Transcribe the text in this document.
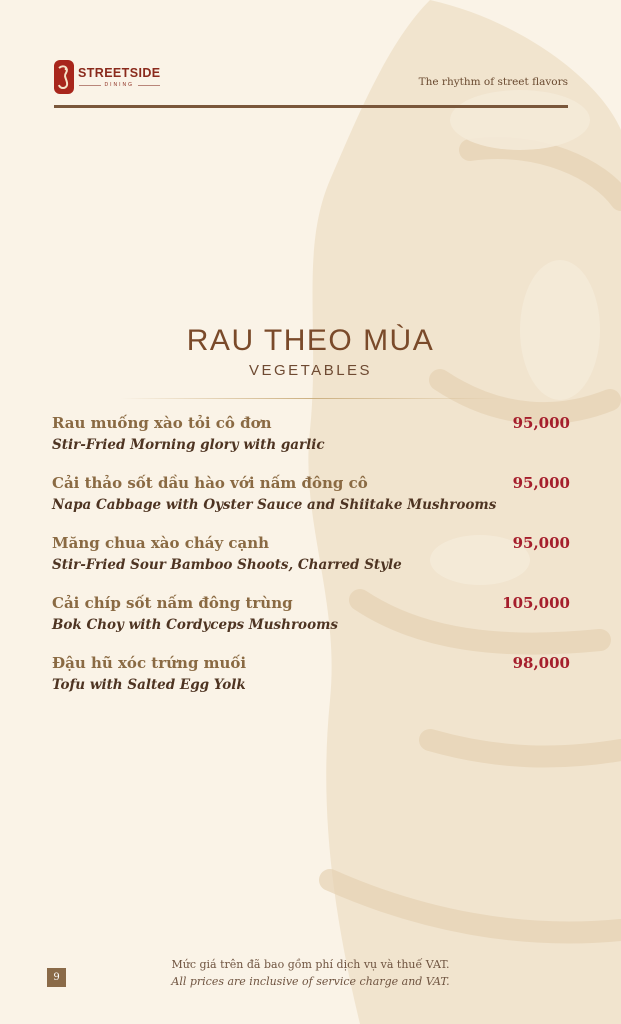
STREETSIDE
DINING	The rhythm of street flavors
RAU THEO MÙA
VEGETABLES
Rau muống xào tỏi cô đơn
Stir-Fried Morning glory with garlic
95,000
Cải thảo sốt dầu hào với nấm đông cô
Napa Cabbage with Oyster Sauce and Shiitake Mushrooms
95,000
Măng chua xào cháy cạnh
Stir-Fried Sour Bamboo Shoots, Charred Style
95,000
Cải chíp sốt nấm đông trùng
Bok Choy with Cordyceps Mushrooms
105,000
Đậu hũ xóc trứng muối
Tofu with Salted Egg Yolk
98,000
Mức giá trên đã bao gồm phí dịch vụ và thuế VAT.
All prices are inclusive of service charge and VAT.
9
